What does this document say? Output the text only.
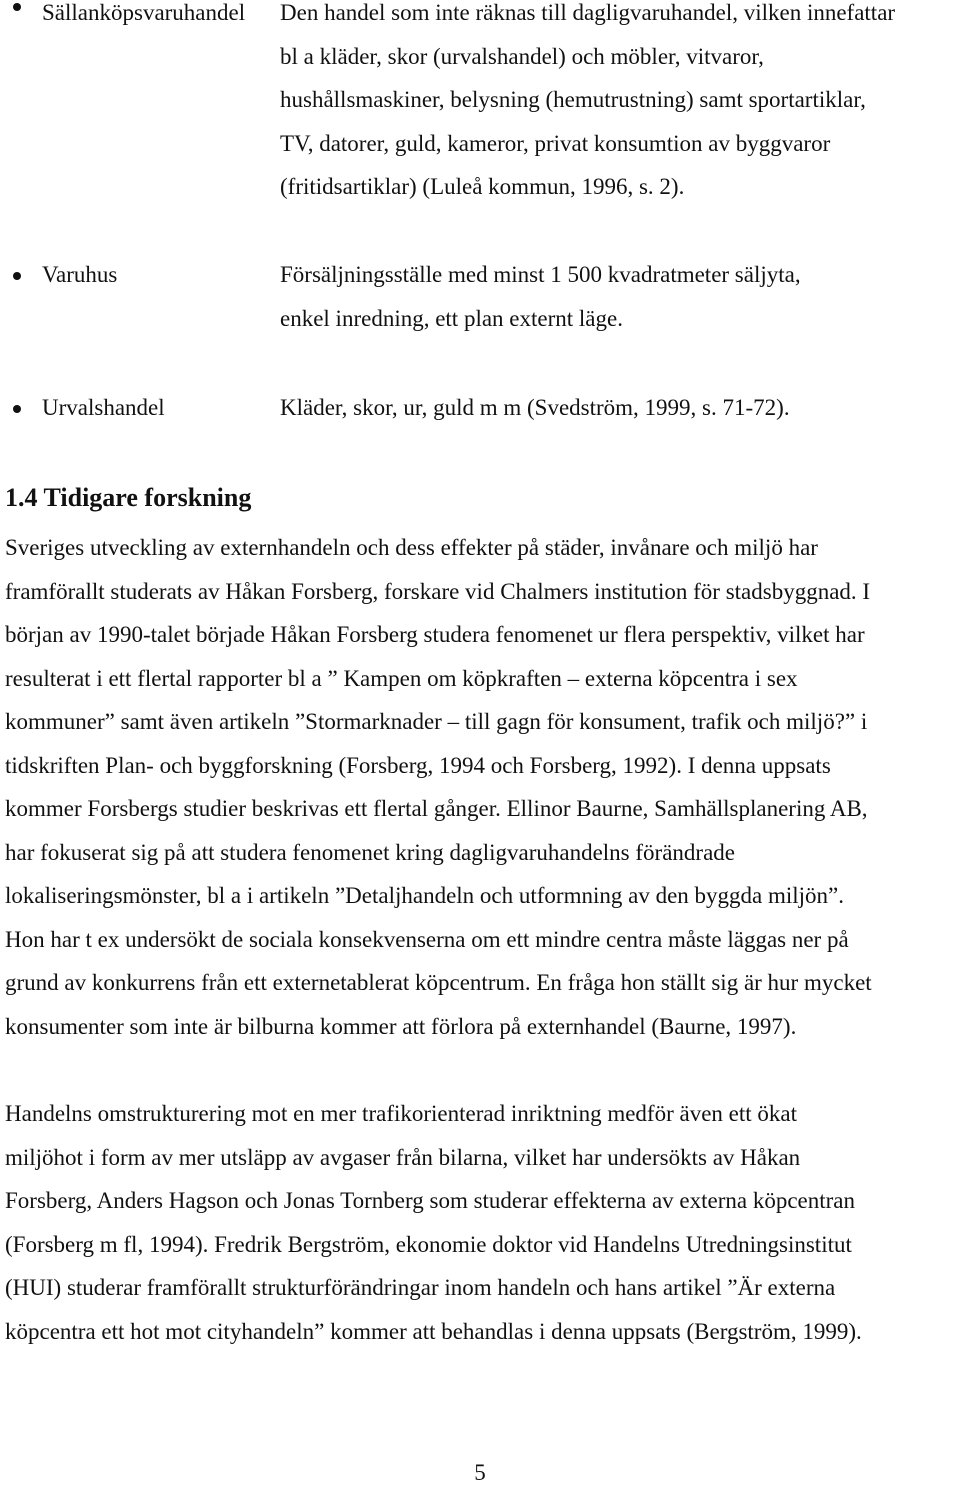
Sällanköpsvaruhandel Den handel som inte räknas till dagligvaruhandel, vilken innefattar
bl a kläder, skor (urvalshandel) och möbler, vitvaror,
hushållsmaskiner, belysning (hemutrustning) samt sportartiklar,
TV, datorer, guld, kameror, privat konsumtion av byggvaror
(fritidsartiklar) (Luleå kommun, 1996, s. 2).
Varuhus	Försäljningsställe med minst 1 500 kvadratmeter säljyta,
enkel inredning, ett plan externt läge.
Urvalshandel	Kläder, skor, ur, guld m m (Svedström, 1999, s. 71-72).
1.4 Tidigare forskning

Sveriges utveckling av externhandeln och dess effekter på städer, invånare och miljö har
framförallt studerats av Håkan Forsberg, forskare vid Chalmers institution för stadsbyggnad. I
början av 1990-talet började Håkan Forsberg studera fenomenet ur flera perspektiv, vilket har
resulterat i ett flertal rapporter bl a ” Kampen om köpkraften – externa köpcentra i sex
kommuner” samt även artikeln ”Stormarknader – till gagn för konsument, trafik och miljö?” i
tidskriften Plan- och byggforskning (Forsberg, 1994 och Forsberg, 1992). I denna uppsats
kommer Forsbergs studier beskrivas ett flertal gånger. Ellinor Baurne, Samhällsplanering AB,
har fokuserat sig på att studera fenomenet kring dagligvaruhandelns förändrade
lokaliseringsmönster, bl a i artikeln ”Detaljhandeln och utformning av den byggda miljön”.
Hon har t ex undersökt de sociala konsekvenserna om ett mindre centra måste läggas ner på
grund av konkurrens från ett externetablerat köpcentrum. En fråga hon ställt sig är hur mycket
konsumenter som inte är bilburna kommer att förlora på externhandel (Baurne, 1997).

Handelns omstrukturering mot en mer trafikorienterad inriktning medför även ett ökat
miljöhot i form av mer utsläpp av avgaser från bilarna, vilket har undersökts av Håkan
Forsberg, Anders Hagson och Jonas Tornberg som studerar effekterna av externa köpcentran
(Forsberg m fl, 1994). Fredrik Bergström, ekonomie doktor vid Handelns Utredningsinstitut
(HUI) studerar framförallt strukturförändringar inom handeln och hans artikel ”Är externa
köpcentra ett hot mot cityhandeln” kommer att behandlas i denna uppsats (Bergström, 1999).

5
